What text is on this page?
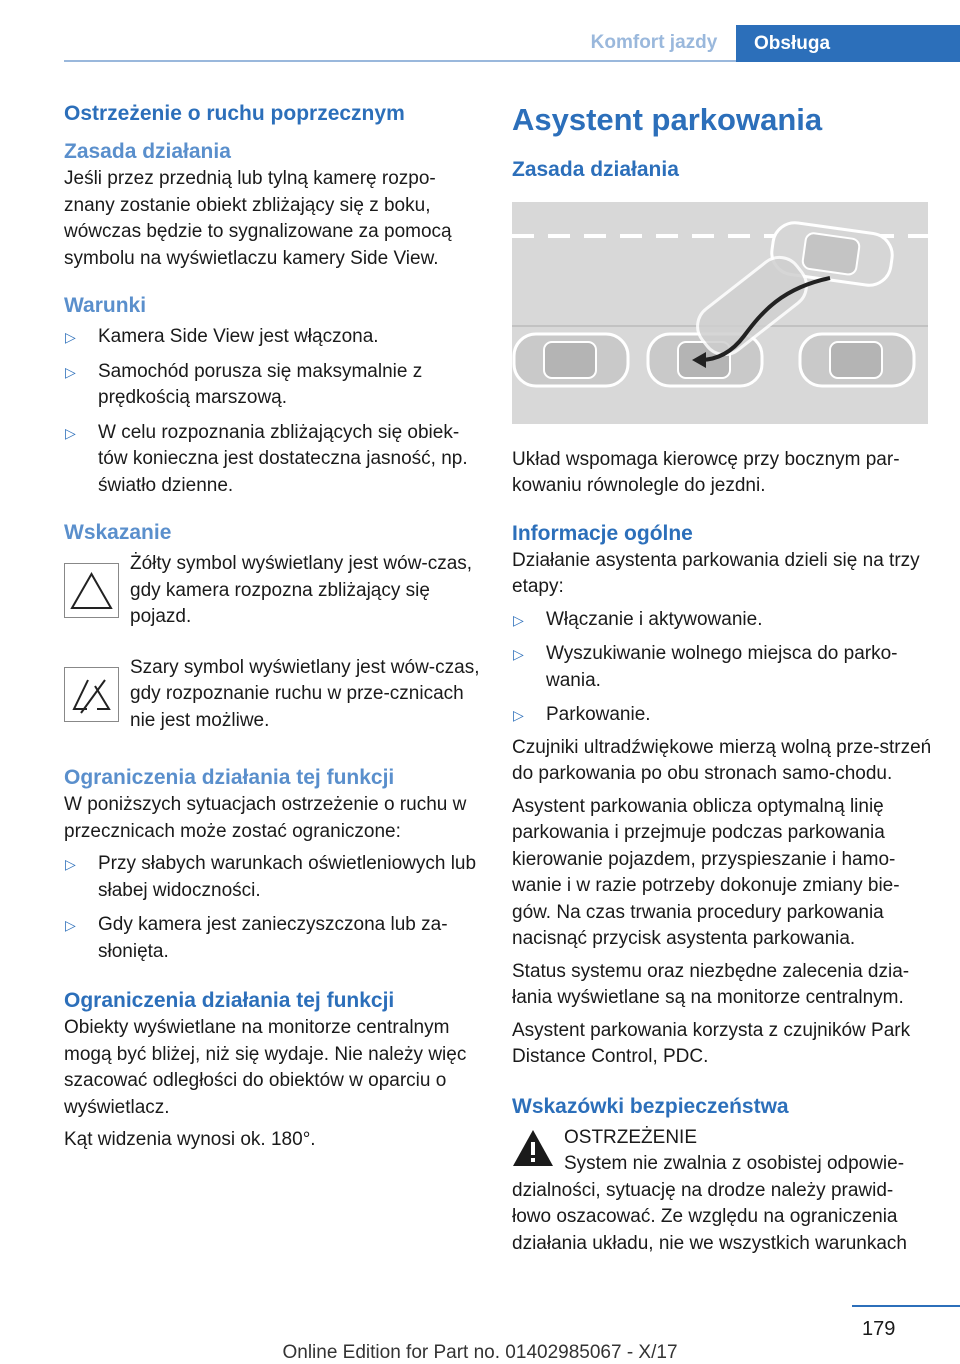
Komfort jazdy	Obsługa

Ostrzeżenie o ruchu poprzecznym

Zasada działania

Jeśli przez przednią lub tylną kamerę rozpo‐znany zostanie obiekt zbliżający się z boku, wówczas będzie to sygnalizowane za pomocą symbolu na wyświetlaczu kamery Side View.

Warunki

▷ Kamera Side View jest włączona.
▷ Samochód porusza się maksymalnie z prędkością marszową.
▷ W celu rozpoznania zbliżających się obiek‐tów konieczna jest dostateczna jasność, np. światło dzienne.

Wskazanie

Żółty symbol wyświetlany jest wów‐czas, gdy kamera rozpozna zbliżający się pojazd.

Szary symbol wyświetlany jest wów‐czas, gdy rozpoznanie ruchu w prze‐cznicach nie jest możliwe.

Ograniczenia działania tej funkcji

W poniższych sytuacjach ostrzeżenie o ruchu w przecznicach może zostać ograniczone:

▷ Przy słabych warunkach oświetleniowych lub słabej widoczności.
▷ Gdy kamera jest zanieczyszczona lub za‐słonięta.

Ograniczenia działania tej funkcji

Obiekty wyświetlane na monitorze centralnym mogą być bliżej, niż się wydaje. Nie należy więc szacować odległości do obiektów w oparciu o wyświetlacz.

Kąt widzenia wynosi ok. 180°.

Asystent parkowania

Zasada działania

Układ wspomaga kierowcę przy bocznym par‐kowaniu równolegle do jezdni.

Informacje ogólne

Działanie asystenta parkowania dzieli się na trzy etapy:

▷ Włączanie i aktywowanie.
▷ Wyszukiwanie wolnego miejsca do parko‐wania.
▷ Parkowanie.

Czujniki ultradźwiękowe mierzą wolną prze‐strzeń do parkowania po obu stronach samo‐chodu.

Asystent parkowania oblicza optymalną linię parkowania i przejmuje podczas parkowania kierowanie pojazdem, przyspieszanie i hamo‐wanie i w razie potrzeby dokonuje zmiany bie‐gów. Na czas trwania procedury parkowania nacisnąć przycisk asystenta parkowania.

Status systemu oraz niezbędne zalecenia dzia‐łania wyświetlane są na monitorze centralnym.

Asystent parkowania korzysta z czujników Park Distance Control, PDC.

Wskazówki bezpieczeństwa

OSTRZEŻENIE

System nie zwalnia z osobistej odpowie‐dzialności, sytuację na drodze należy prawid‐łowo oszacować. Ze względu na ograniczenia działania układu, nie we wszystkich warunkach

179
Online Edition for Part no. 01402985067 - X/17
